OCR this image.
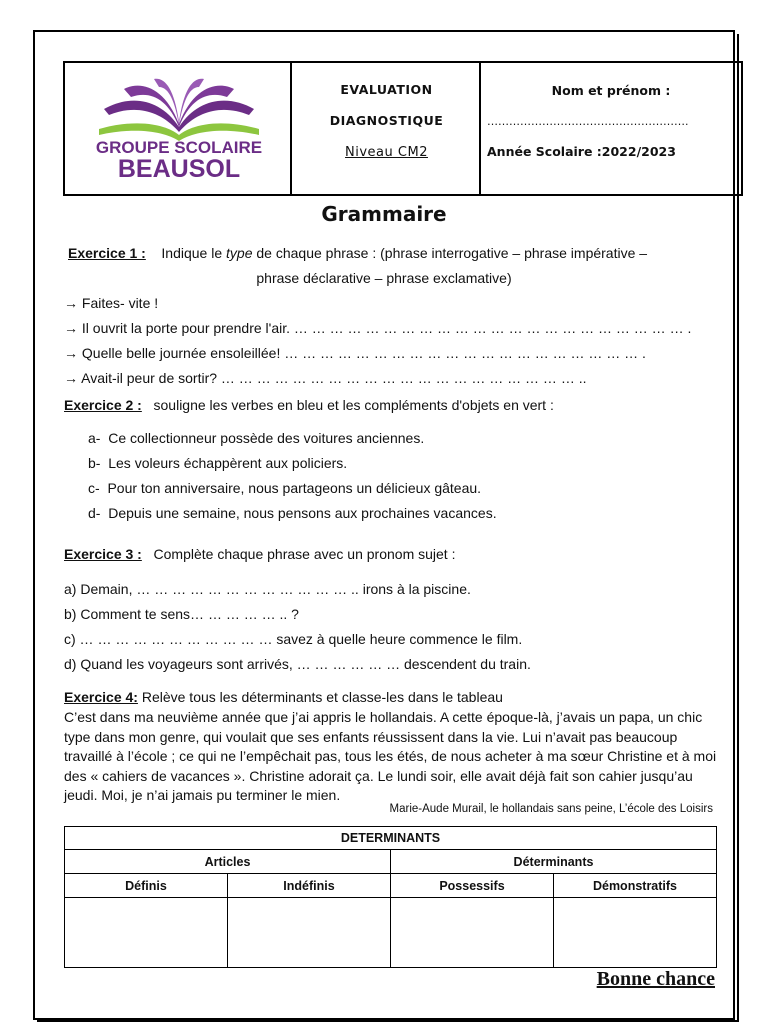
GROUPE SCOLAIRE
BEAUSOL
EVALUATION
DIAGNOSTIQUE
Niveau CM2
Nom et prénom :
……………………………………………….
Année Scolaire :2022/2023
Grammaire
Exercice 1 : Indique le type de chaque phrase : (phrase interrogative – phrase impérative –
phrase déclarative – phrase exclamative)
→ Faites- vite !
→ Il ouvrit la porte pour prendre l'air. … … … … … … … … … … … … … … … … … … … … … … .
→ Quelle belle journée ensoleillée! … … … … … … … … … … … … … … … … … … … … .
→ Avait-il peur de sortir? … … … … … … … … … … … … … … … … … … … … ..
Exercice 2 : souligne les verbes en bleu et les compléments d'objets en vert :
a- Ce collectionneur possède des voitures anciennes.
b- Les voleurs échappèrent aux policiers.
c- Pour ton anniversaire, nous partageons un délicieux gâteau.
d- Depuis une semaine, nous pensons aux prochaines vacances.
Exercice 3 : Complète chaque phrase avec un pronom sujet :
a) Demain, … … … … … … … … … … … … .. irons à la piscine.
b) Comment te sens… … … … … .. ?
c) … … … … … … … … … … … savez à quelle heure commence le film.
d) Quand les voyageurs sont arrivés, … … … … … … descendent du train.
Exercice 4: Relève tous les déterminants et classe-les dans le tableau
C’est dans ma neuvième année que j’ai appris le hollandais. A cette époque-là, j’avais un papa, un chic type dans mon genre, qui voulait que ses enfants réussissent dans la vie. Lui n’avait pas beaucoup travaillé à l’école ; ce qui ne l’empêchait pas, tous les étés, de nous acheter à ma sœur Christine et à moi des « cahiers de vacances ». Christine adorait ça. Le lundi soir, elle avait déjà fait son cahier jusqu’au jeudi. Moi, je n’ai jamais pu terminer le mien.
Marie-Aude Murail, le hollandais sans peine, L’école des Loisirs
DETERMINANTS			
Articles		Déterminants	
Définis	Indéfinis	Possessifs	Démonstratifs

Bonne chance
